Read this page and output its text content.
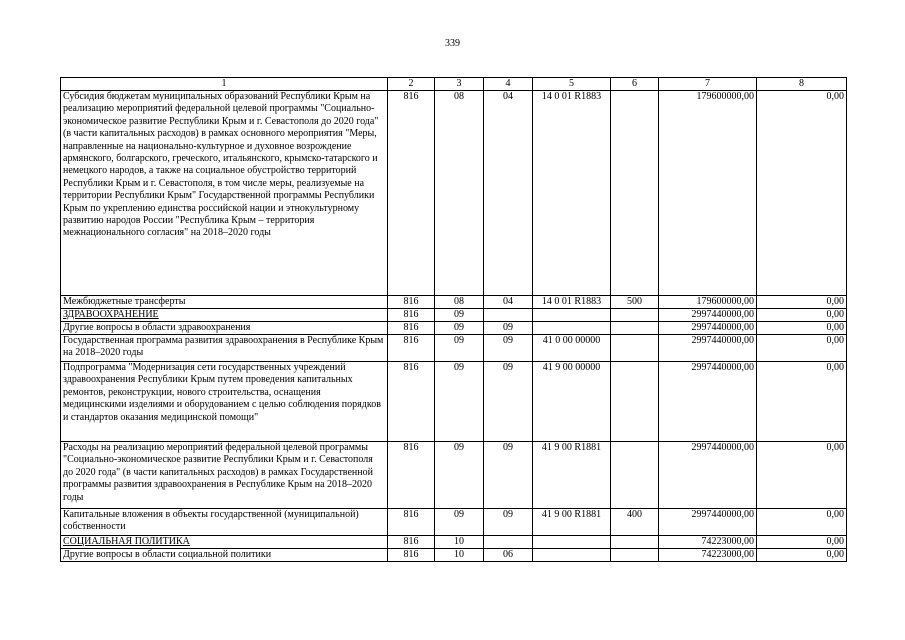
339
1	2	3	4	5	6	7	8
Субсидия бюджетам муниципальных образований Республики Крым на реализацию мероприятий федеральной целевой программы "Социально-экономическое развитие Республики Крым и г. Севастополя до 2020 года" (в части капитальных расходов) в рамках основного мероприятия "Меры, направленные на национально-культурное и духовное возрождение армянского, болгарского, греческого, итальянского, крымско-татарского и немецкого народов, а также на социальное обустройство территорий Республики Крым и г. Севастополя, в том числе меры, реализуемые на территории Республики Крым" Государственной программы Республики Крым по укреплению единства российской нации и этнокультурному развитию народов России "Республика Крым – территория межнационального согласия" на 2018–2020 годы	816	08	04	14 0 01 R1883		179600000,00	0,00
Межбюджетные трансферты	816	08	04	14 0 01 R1883	500	179600000,00	0,00
ЗДРАВООХРАНЕНИЕ	816	09				2997440000,00	0,00
Другие вопросы в области здравоохранения	816	09	09			2997440000,00	0,00
Государственная программа развития здравоохранения в Республике Крым на 2018–2020 годы	816	09	09	41 0 00 00000		2997440000,00	0,00
Подпрограмма "Модернизация сети государственных учреждений здравоохранения Республики Крым путем проведения капитальных ремонтов, реконструкции, нового строительства, оснащения медицинскими изделиями и оборудованием с целью соблюдения порядков и стандартов оказания медицинской помощи"	816	09	09	41 9 00 00000		2997440000,00	0,00
Расходы на реализацию мероприятий федеральной целевой программы "Социально-экономическое развитие Республики Крым и г. Севастополя до 2020 года" (в части капитальных расходов) в рамках Государственной программы развития здравоохранения в Республике Крым на 2018–2020 годы	816	09	09	41 9 00 R1881		2997440000,00	0,00
Капитальные вложения в объекты государственной (муниципальной) собственности	816	09	09	41 9 00 R1881	400	2997440000,00	0,00
СОЦИАЛЬНАЯ ПОЛИТИКА	816	10				74223000,00	0,00
Другие вопросы в области социальной политики	816	10	06			74223000,00	0,00
